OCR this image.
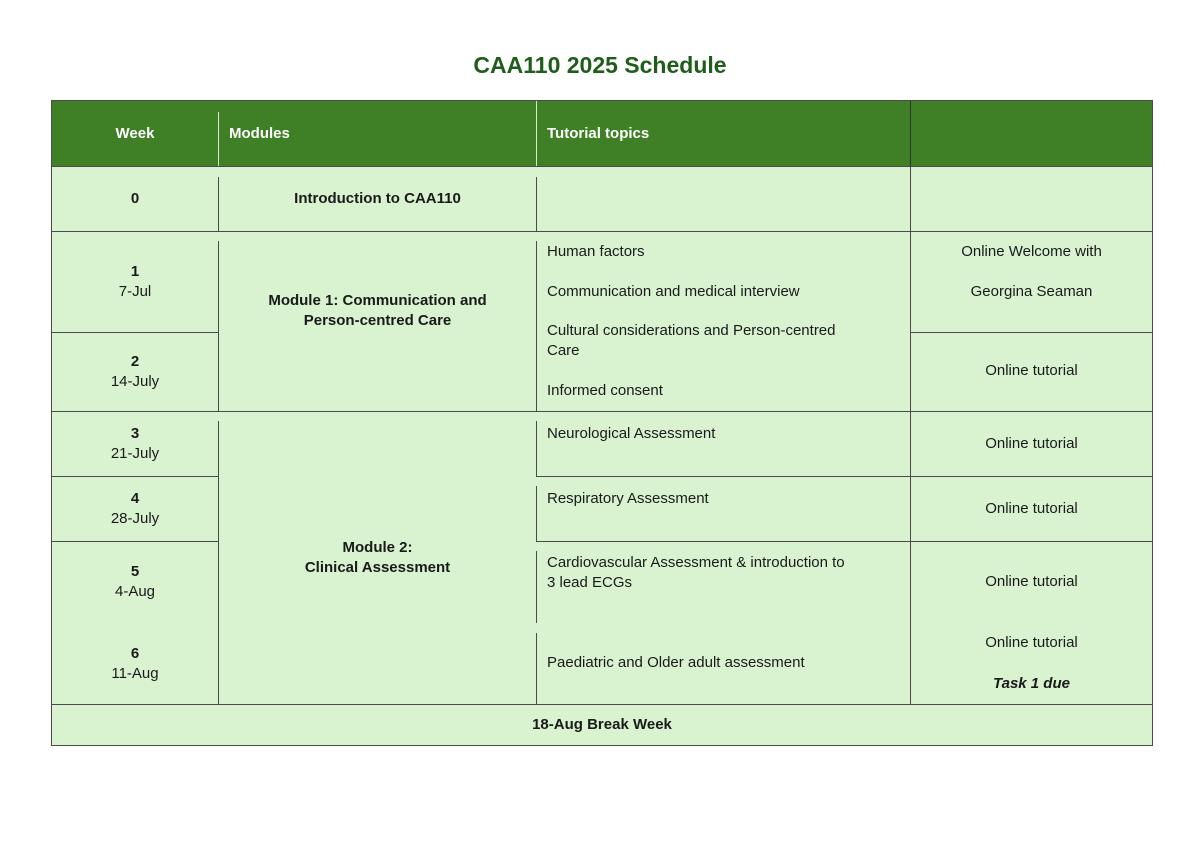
CAA110 2025 Schedule
Week	Modules	Tutorial topics
0
1
7-Jul
2
14-July
3
21-July
4
28-July
5
4-Aug
6
11-Aug
Introduction to CAA110
Module 1: Communication and
Person-centred Care
Module 2:
Clinical Assessment
Human factors
Communication and medical interview
Cultural considerations and Person-centred
Care
Informed consent
Neurological Assessment
Respiratory Assessment
Cardiovascular Assessment & introduction to
3 lead ECGs
Paediatric and Older adult assessment
Online Welcome with
Georgina Seaman
Online tutorial
Online tutorial
Online tutorial
Online tutorial
Online tutorial
Task 1 due
18-Aug Break Week
